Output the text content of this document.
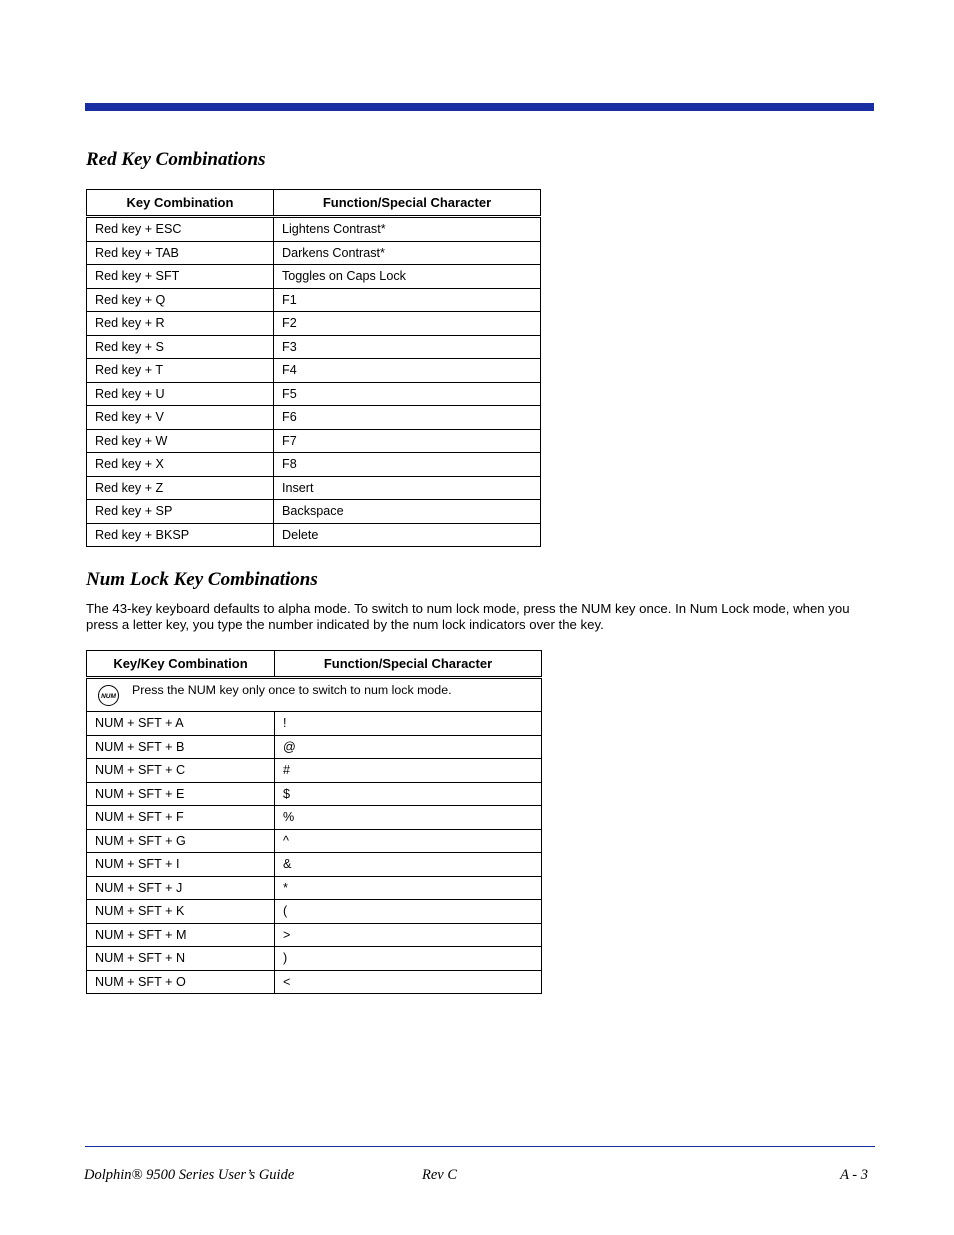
Red Key Combinations
Key Combination	Function/Special Character
Red key + ESC	Lightens Contrast*
Red key + TAB	Darkens Contrast*
Red key + SFT	Toggles on Caps Lock
Red key + Q	F1
Red key + R	F2
Red key + S	F3
Red key + T	F4
Red key + U	F5
Red key + V	F6
Red key + W	F7
Red key + X	F8
Red key + Z	Insert
Red key + SP	Backspace
Red key + BKSP	Delete
Num Lock Key Combinations

The 43-key keyboard defaults to alpha mode. To switch to num lock mode, press the NUM key once. In Num Lock mode, when you press a letter key, you type the number indicated by the num lock indicators over the key.

Key/Key Combination	Function/Special Character

NUM Press the NUM key only once to switch to num lock mode.	

NUM + SFT + A	!
NUM + SFT + B	@
NUM + SFT + C	#
NUM + SFT + E	$
NUM + SFT + F	%
NUM + SFT + G	^
NUM + SFT + I	&
NUM + SFT + J	*
NUM + SFT + K	(
NUM + SFT + M	>
NUM + SFT + N	)
NUM + SFT + O	<
Dolphin® 9500 Series User’s Guide	Rev C	A - 3
